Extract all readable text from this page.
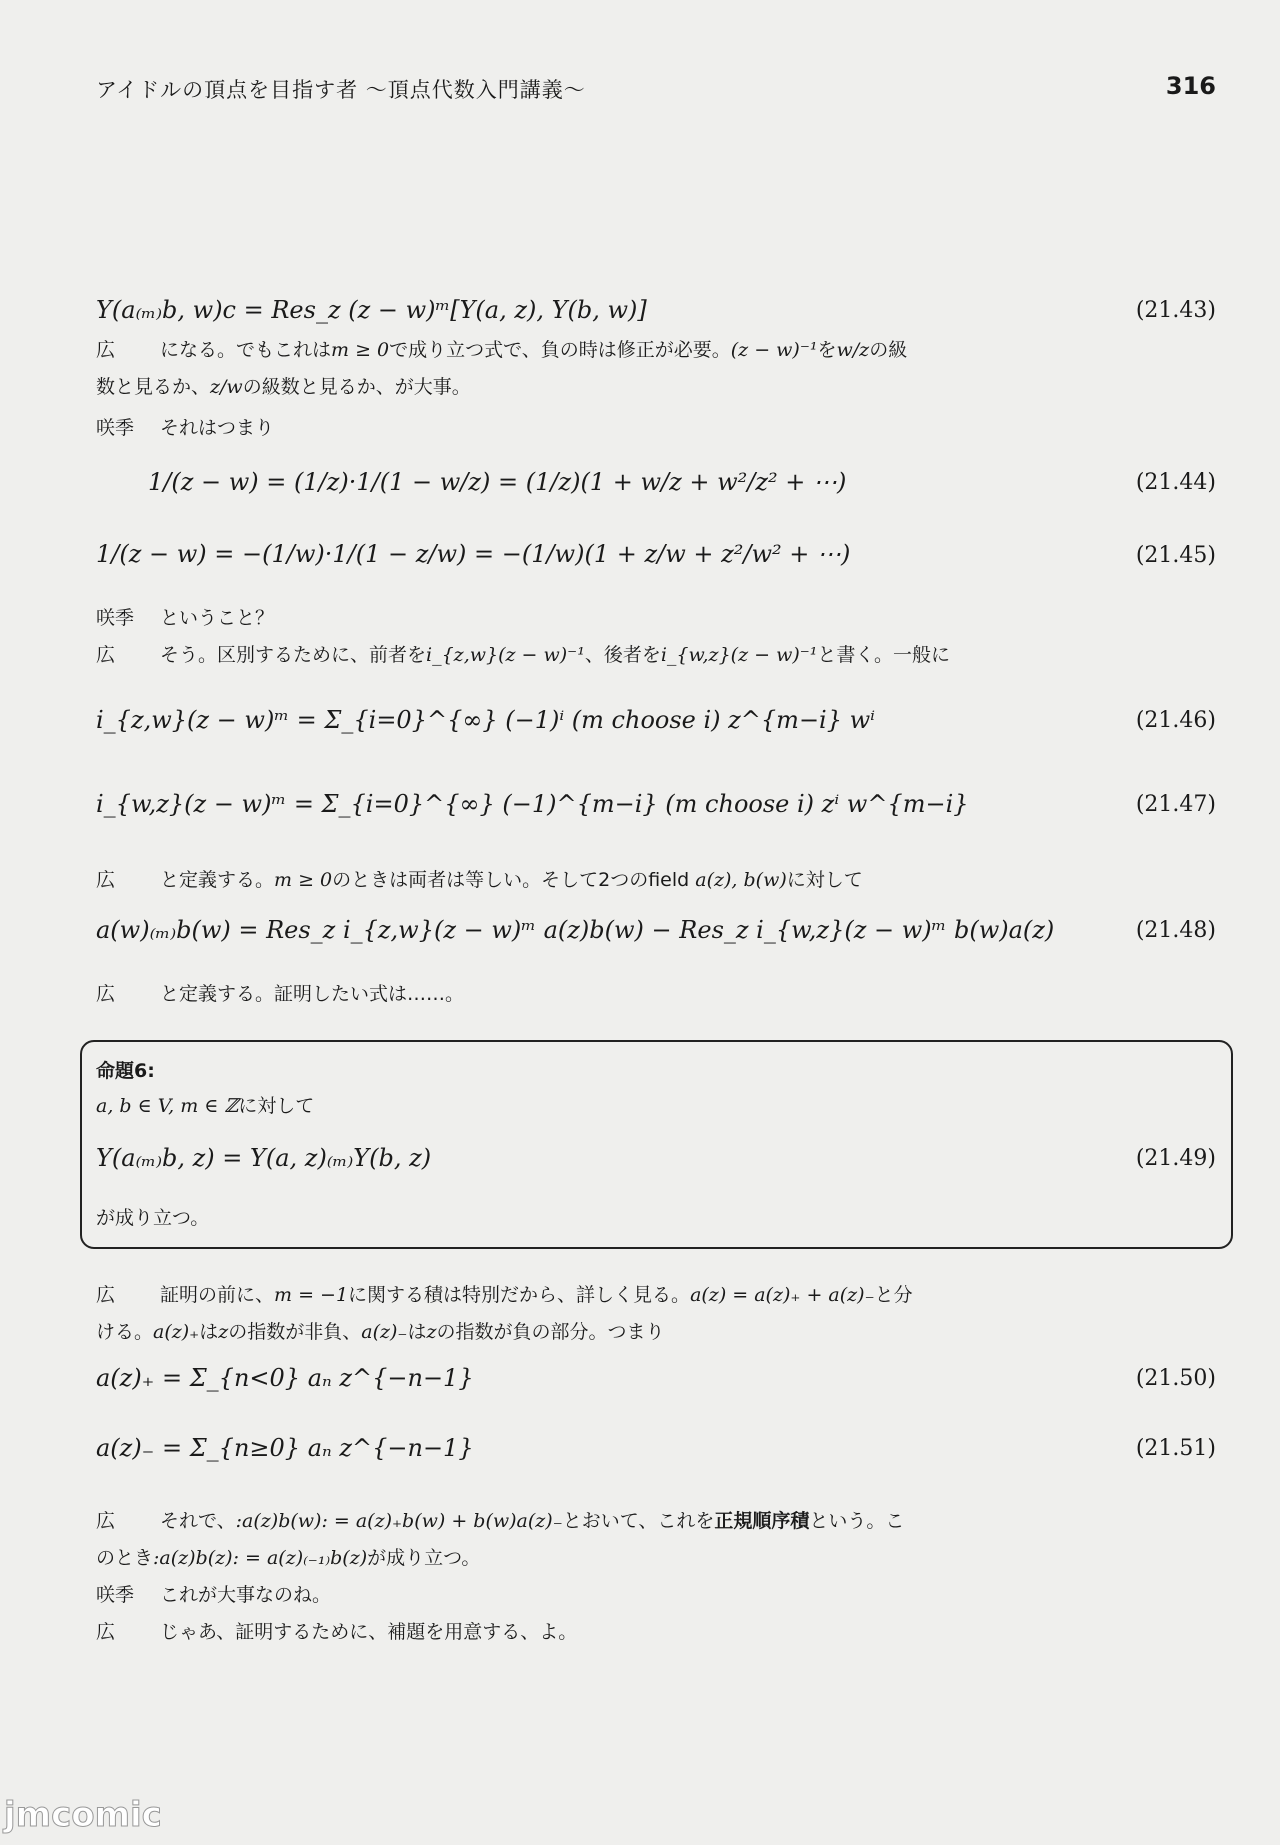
アイドルの頂点を目指す者 〜頂点代数入門講義〜	316
Y(a₍ₘ₎b, w)c = Res_z (z − w)ᵐ[Y(a, z), Y(b, w)]	(21.43)
広 になる。でもこれはm ≥ 0で成り立つ式で、負の時は修正が必要。(z − w)⁻¹をw/zの級
数と見るか、z/wの級数と見るか、が大事。
咲季 それはつまり
1/(z − w) = (1/z)·1/(1 − w/z) = (1/z)(1 + w/z + w²/z² + ⋯)	(21.44)
1/(z − w) = −(1/w)·1/(1 − z/w) = −(1/w)(1 + z/w + z²/w² + ⋯)	(21.45)
咲季 ということ？
広 そう。区別するために、前者をi_{z,w}(z − w)⁻¹、後者をi_{w,z}(z − w)⁻¹と書く。一般に
i_{z,w}(z − w)ᵐ = Σ_{i=0}^{∞} (−1)ⁱ (m choose i) z^{m−i} wⁱ	(21.46)
i_{w,z}(z − w)ᵐ = Σ_{i=0}^{∞} (−1)^{m−i} (m choose i) zⁱ w^{m−i}	(21.47)
広 と定義する。m ≥ 0のときは両者は等しい。そして2つのfield a(z), b(w)に対して
a(w)₍ₘ₎b(w) = Res_z i_{z,w}(z − w)ᵐ a(z)b(w) − Res_z i_{w,z}(z − w)ᵐ b(w)a(z)	(21.48)
広 と定義する。証明したい式は……。
命題6:
a, b ∈ V, m ∈ ℤに対して
Y(a₍ₘ₎b, z) = Y(a, z)₍ₘ₎Y(b, z)	(21.49)
が成り立つ。
広 証明の前に、m = −1に関する積は特別だから、詳しく見る。a(z) = a(z)₊ + a(z)₋と分
ける。a(z)₊はzの指数が非負、a(z)₋はzの指数が負の部分。つまり
a(z)₊ = Σ_{n<0} aₙ z^{−n−1}	(21.50)
a(z)₋ = Σ_{n≥0} aₙ z^{−n−1}	(21.51)
広 それで、:a(z)b(w): = a(z)₊b(w) + b(w)a(z)₋とおいて、これを正規順序積という。こ
のとき:a(z)b(z): = a(z)₍₋₁₎b(z)が成り立つ。
咲季 これが大事なのね。
広 じゃあ、証明するために、補題を用意する、よ。
jmcomic
